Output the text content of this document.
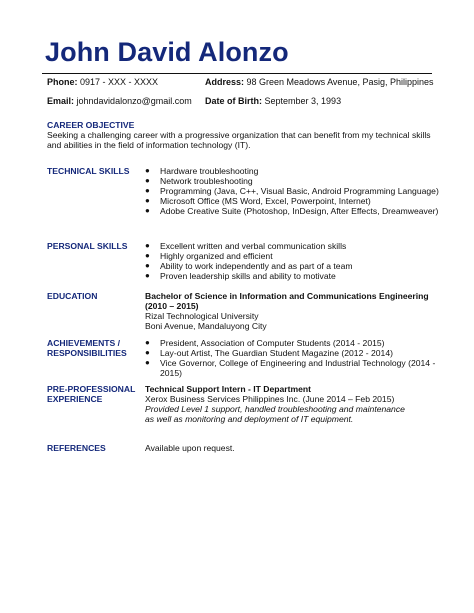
John David Alonzo
Phone: 0917 - XXX - XXXX	Address: 98 Green Meadows Avenue, Pasig, Philippines
Email: johndavidalonzo@gmail.com Date of Birth: September 3, 1993
CAREER OBJECTIVE
Seeking a challenging career with a progressive organization that can benefit from my technical skills and abilities in the field of information technology (IT).
TECHNICAL SKILLS ● Hardware troubleshooting
● Network troubleshooting
● Programming (Java, C++, Visual Basic, Android Programming Language)
● Microsoft Office (MS Word, Excel, Powerpoint, Internet)
● Adobe Creative Suite (Photoshop, InDesign, After Effects, Dreamweaver)
PERSONAL SKILLS ● Excellent written and verbal communication skills
● Highly organized and efficient
● Ability to work independently and as part of a team
● Proven leadership skills and ability to motivate
EDUCATION	Bachelor of Science in Information and Communications Engineering (2010 – 2015)
Rizal Technological University
Boni Avenue, Mandaluyong City
ACHIEVEMENTS /
RESPONSIBILITIES
● President, Association of Computer Students (2014 - 2015)
● Lay-out Artist, The Guardian Student Magazine (2012 - 2014)
● Vice Governor, College of Engineering and Industrial Technology (2014 - 2015)
PRE-PROFESSIONAL
EXPERIENCE
Technical Support Intern - IT Department
Xerox Business Services Philippines Inc. (June 2014 – Feb 2015)
Provided Level 1 support, handled troubleshooting and maintenance as well as monitoring and deployment of IT equipment.
REFERENCES	Available upon request.
